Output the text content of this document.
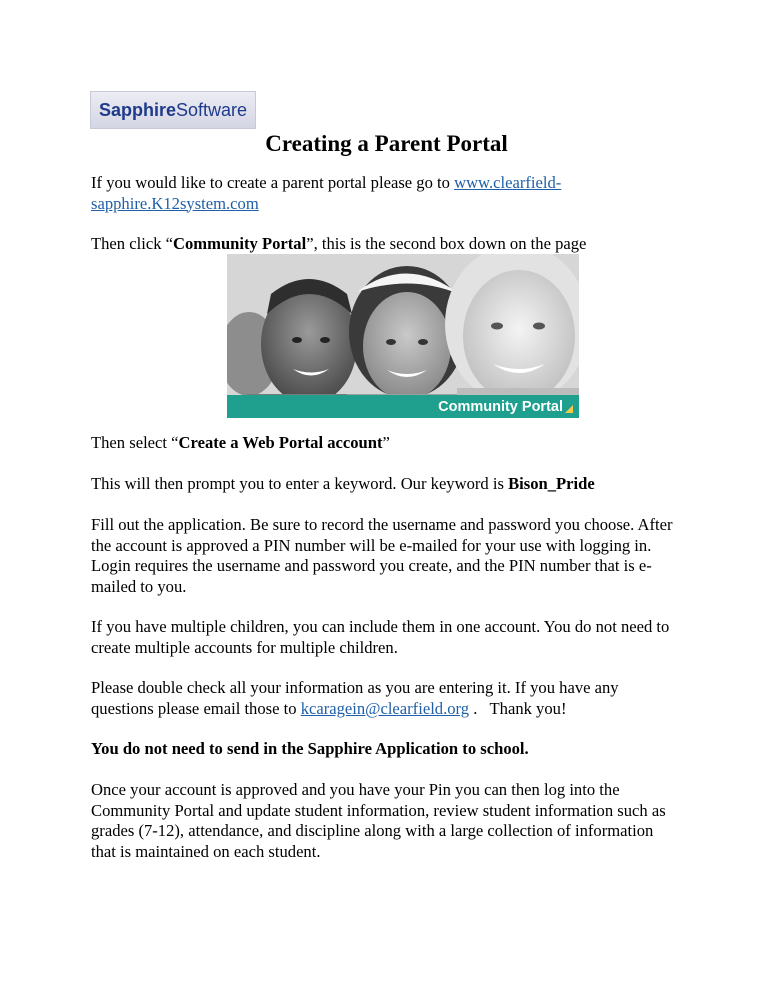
Sapphire Software
Creating a Parent Portal

If you would like to create a parent portal please go to www.clearfield-sapphire.K12system.com

Then click “Community Portal”, this is the second box down on the page

Community Portal

Then select “Create a Web Portal account”

This will then prompt you to enter a keyword. Our keyword is Bison_Pride

Fill out the application. Be sure to record the username and password you choose. After the account is approved a PIN number will be e-mailed for your use with logging in. Login requires the username and password you create, and the PIN number that is e-mailed to you.

If you have multiple children, you can include them in one account. You do not need to create multiple accounts for multiple children.

Please double check all your information as you are entering it. If you have any questions please email those to kcaragein@clearfield.org .   Thank you!

You do not need to send in the Sapphire Application to school.

Once your account is approved and you have your Pin you can then log into the Community Portal and update student information, review student information such as grades (7-12), attendance, and discipline along with a large collection of information that is maintained on each student.
